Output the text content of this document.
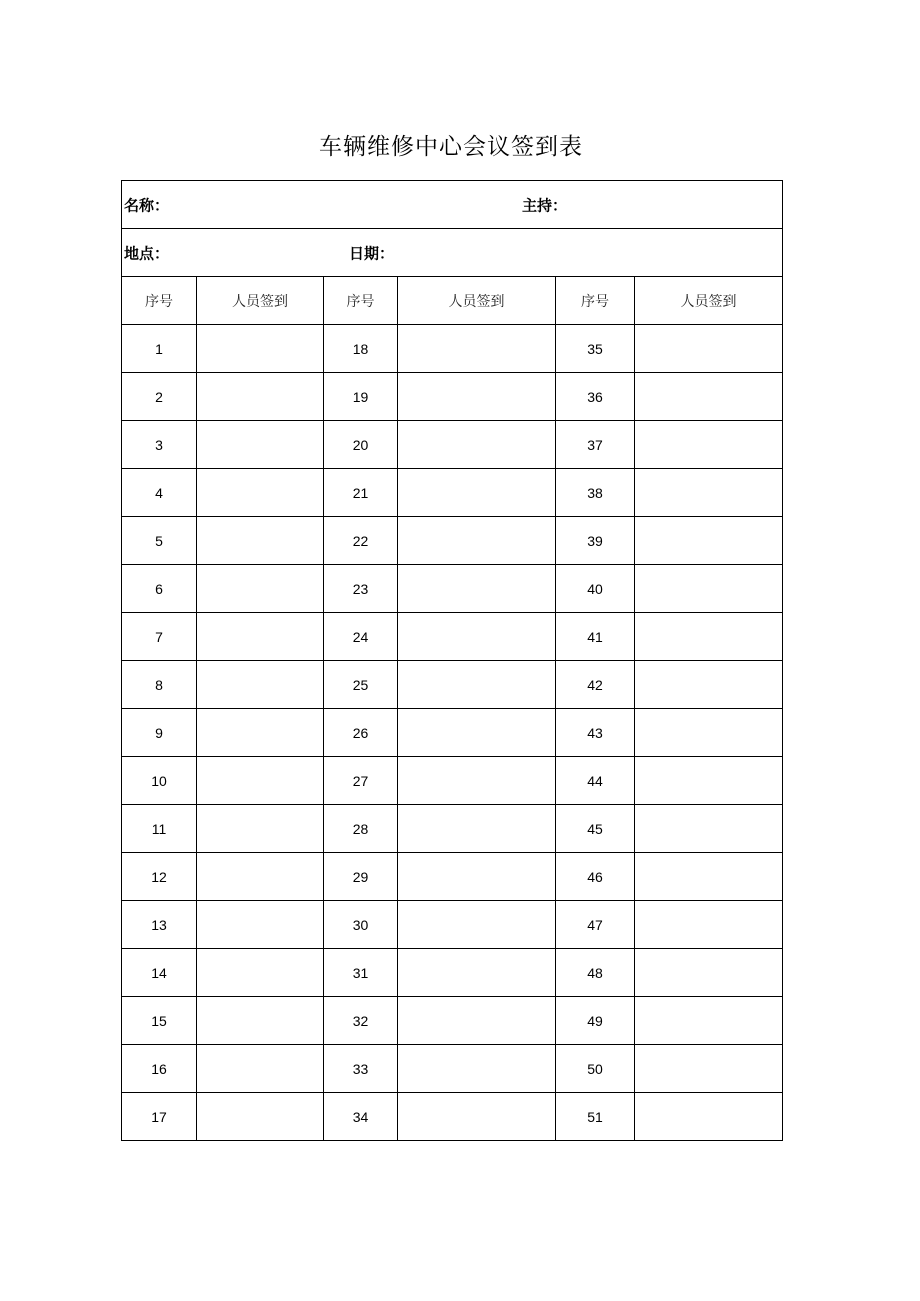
车辆维修中心会议签到表
名称： 主持：					

地点： 日期：					

序号	人员签到	序号	人员签到	序号	人员签到
1		18		35	
2		19		36	
3		20		37	
4		21		38	
5		22		39	
6		23		40	
7		24		41	
8		25		42	
9		26		43	
10		27		44	
11		28		45	
12		29		46	
13		30		47	
14		31		48	
15		32		49	
16		33		50	
17		34		51	
